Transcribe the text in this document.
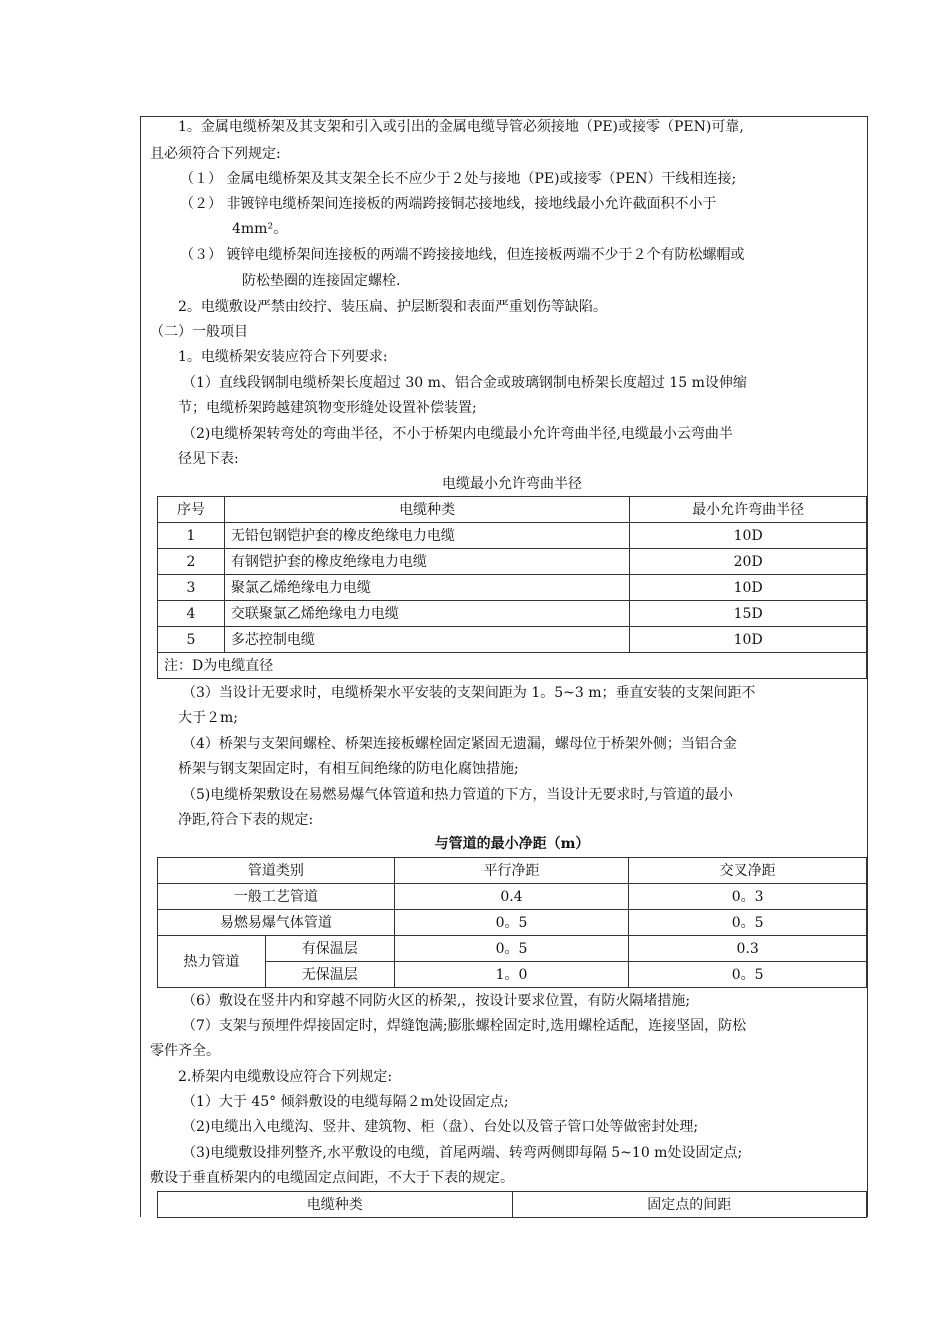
1。金属电缆桥架及其支架和引入或引出的金属电缆导管必须接地（PE)或接零（PEN)可靠,
且必须符合下列规定:
（１） 金属电缆桥架及其支架全长不应少于２处与接地（PE)或接零（PEN）干线相连接;
（２） 非镀锌电缆桥架间连接板的两端跨接铜芯接地线，接地线最小允许截面积不小于
4mm²。
（３） 镀锌电缆桥架间连接板的两端不跨接接地线，但连接板两端不少于２个有防松螺帽或
防松垫圈的连接固定螺栓.
2。电缆敷设严禁由绞拧、装压扁、护层断裂和表面严重划伤等缺陷。
（二）一般项目
1。电缆桥架安装应符合下列要求:
（1）直线段钢制电缆桥架长度超过 30 m、铝合金或玻璃钢制电桥架长度超过 15 m设伸缩
节；电缆桥架跨越建筑物变形缝处设置补偿装置;
（2)电缆桥架转弯处的弯曲半径，不小于桥架内电缆最小允许弯曲半径,电缆最小云弯曲半
径见下表:
电缆最小允许弯曲半径
序号	电缆种类	最小允许弯曲半径
1	无铅包钢铠护套的橡皮绝缘电力电缆	10D
2	有钢铠护套的橡皮绝缘电力电缆	20D
3	聚氯乙烯绝缘电力电缆	10D
4	交联聚氯乙烯绝缘电力电缆	15D
5	多芯控制电缆	10D
注：D为电缆直径		
（3）当设计无要求时，电缆桥架水平安装的支架间距为 1。5~3 m；垂直安装的支架间距不
大于２m;
（4）桥架与支架间螺栓、桥架连接板螺栓固定紧固无遗漏，螺母位于桥架外侧；当铝合金
桥架与钢支架固定时，有相互间绝缘的防电化腐蚀措施;
（5)电缆桥架敷设在易燃易爆气体管道和热力管道的下方，当设计无要求时,与管道的最小
净距,符合下表的规定:
与管道的最小净距（m）
管道类别		平行净距	交叉净距
一般工艺管道		0.4	0。3
易燃易爆气体管道		0。5	0。5
热力管道	有保温层	0。5	0.3
	无保温层	1。0	0。5
（6）敷设在竖井内和穿越不同防火区的桥架,，按设计要求位置，有防火隔堵措施;
（7）支架与预埋件焊接固定时，焊缝饱满;膨胀螺栓固定时,选用螺栓适配，连接坚固，防松
零件齐全。
2.桥架内电缆敷设应符合下列规定:
（1）大于 45° 倾斜敷设的电缆每隔２m处设固定点;
（2)电缆出入电缆沟、竖井、建筑物、柜（盘）、台处以及管子管口处等做密封处理;
（3)电缆敷设排列整齐,水平敷设的电缆，首尾两端、转弯两侧即每隔 5~10 m处设固定点;
敷设于垂直桥架内的电缆固定点间距，不大于下表的规定。
电缆种类	固定点的间距
